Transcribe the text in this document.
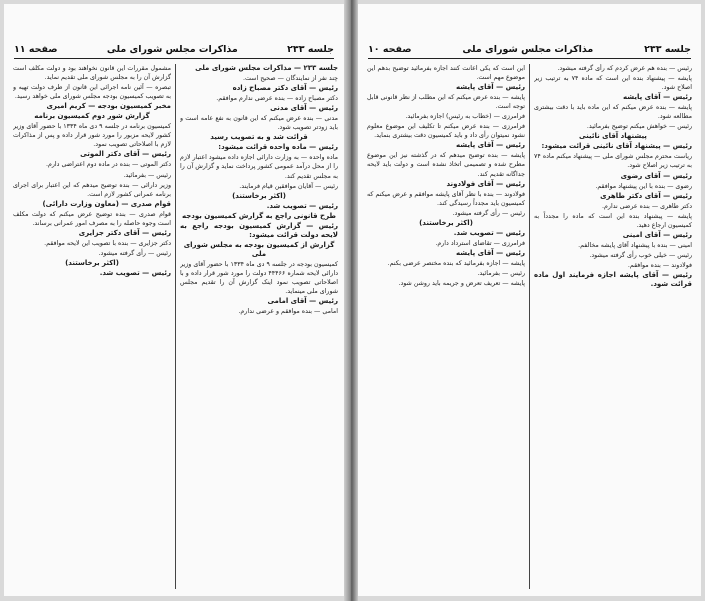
جلسه ۲۳۳
مذاکرات مجلس شورای ملی
صفحه ۱۱

جلسه ۲۳۳ — مذاکرات مجلس شورای ملی

چند نفر از نمایندگان — صحیح است.

رئیس — آقای دکتر مصباح زاده

دکتر مصباح زاده — بنده عرضی ندارم موافقم.

رئیس — آقای مدنی

مدنی — بنده عرض میکنم که این قانون به نفع عامه است و باید زودتر تصویب شود.

قرائت شد و به تصویب رسید

رئیس — ماده واحده قرائت میشود:

ماده واحده — به وزارت دارائی اجازه داده میشود اعتبار لازم را از محل درآمد عمومی کشور پرداخت نماید و گزارش آن را به مجلس تقدیم کند.

رئیس — آقایان موافقین قیام فرمایند.

(اکثر برخاستند)

رئیس — تصویب شد.

طرح قانونی راجع به گزارش کمیسیون بودجه

رئیس — گزارش کمیسیون بودجه راجع به لایحه دولت قرائت میشود:

گزارش از کمیسیون بودجه به مجلس شورای ملی

کمیسیون بودجه در جلسه ۹ دی ماه ۱۳۳۴ با حضور آقای وزیر دارائی لایحه شماره ۴۴۴۶۶ دولت را مورد شور قرار داده و با اصلاحاتی تصویب نمود اینک گزارش آن را تقدیم مجلس شورای ملی مینماید.

رئیس — آقای امامی

امامی — بنده موافقم و عرضی ندارم.

مشمول مقررات این قانون نخواهند بود و دولت مکلف است گزارش آن را به مجلس شورای ملی تقدیم نماید.

تبصره — آئین نامه اجرائی این قانون از طرف دولت تهیه و به تصویب کمیسیون بودجه مجلس شورای ملی خواهد رسید.

مخبر کمیسیون بودجه — کریم امیری

گزارش شور دوم کمیسیون برنامه

کمیسیون برنامه در جلسه ۹ دی ماه ۱۳۳۴ با حضور آقای وزیر کشور لایحه مزبور را مورد شور قرار داده و پس از مذاکرات لازم با اصلاحاتی تصویب نمود.

رئیس — آقای دکتر الموتی

دکتر الموتی — بنده در ماده دوم اعتراضی دارم.

رئیس — بفرمائید.

وزیر دارائی — بنده توضیح میدهم که این اعتبار برای اجرای برنامه عمرانی کشور لازم است.

قوام صدری — (معاون وزارت دارائی)

قوام صدری — بنده توضیح عرض میکنم که دولت مکلف است وجوه حاصله را به مصرف امور عمرانی برساند.

رئیس — آقای دکتر جزایری

دکتر جزایری — بنده با تصویب این لایحه موافقم.

رئیس — رأی گرفته میشود.

(اکثر برخاستند)

رئیس — تصویب شد.

جلسه ۲۳۳
مذاکرات مجلس شورای ملی
صفحه ۱۰

رئیس — بنده هم عرض کردم که رأی گرفته میشود.

پایشه — پیشنهاد بنده این است که ماده ۷۴ به ترتیب زیر اصلاح شود.

رئیس — آقای پایشه

پایشه — بنده عرض میکنم که این ماده باید با دقت بیشتری مطالعه شود.

رئیس — خواهش میکنم توضیح بفرمائید.

پیشنهاد آقای نائینی

رئیس — پیشنهاد آقای نائینی قرائت میشود:

ریاست محترم مجلس شورای ملی — پیشنهاد میکنم ماده ۷۴ به ترتیب زیر اصلاح شود.

رئیس — آقای رضوی

رضوی — بنده با این پیشنهاد موافقم.

رئیس — آقای دکتر طاهری

دکتر طاهری — بنده عرضی ندارم.

پایشه — پیشنهاد بنده این است که ماده را مجدداً به کمیسیون ارجاع دهید.

رئیس — آقای امینی

امینی — بنده با پیشنهاد آقای پایشه مخالفم.

رئیس — خیلی خوب رأی گرفته میشود.

فولادوند — بنده موافقم.

رئیس — آقای پایشه اجازه فرمایند اول ماده قرائت شود.

این است که یکی اعانت کنند اجازه بفرمائید توضیح بدهم این موضوع مهم است.

رئیس — آقای پایشه

پایشه — بنده عرض میکنم که این مطلب از نظر قانونی قابل توجه است.

فرامرزی — (خطاب به رئیس) اجازه بفرمائید.

فرامرزی — بنده عرض میکنم تا تکلیف این موضوع معلوم نشود نمیتوان رأی داد و باید کمیسیون دقت بیشتری بنماید.

رئیس — آقای پایشه

پایشه — بنده توضیح میدهم که در گذشته نیز این موضوع مطرح شده و تصمیمی اتخاذ نشده است و دولت باید لایحه جداگانه تقدیم کند.

رئیس — آقای فولادوند

فولادوند — بنده با نظر آقای پایشه موافقم و عرض میکنم که کمیسیون باید مجدداً رسیدگی کند.

رئیس — رأی گرفته میشود.

(اکثر برخاستند)

رئیس — تصویب شد.

فرامرزی — تقاضای استرداد دارم.

رئیس — آقای پایشه

پایشه — اجازه بفرمائید که بنده مختصر عرضی بکنم.

رئیس — بفرمائید.

پایشه — تعریف تعرض و جریمه باید روشن شود.
